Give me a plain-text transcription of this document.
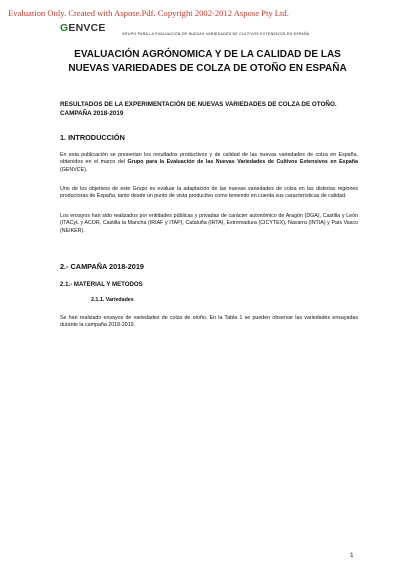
Evaluation Only. Created with Aspose.Pdf. Copyright 2002-2012 Aspose Pty Ltd.
GENVCE	GRUPO PARA LA EVALUACIÓN DE NUEVAS VARIEDADES DE CULTIVOS EXTENSIVOS EN ESPAÑA
EVALUACIÓN AGRÓNOMICA Y DE LA CALIDAD DE LAS NUEVAS VARIEDADES DE COLZA DE OTOÑO EN ESPAÑA
RESULTADOS DE LA EXPERIMENTACIÓN DE NUEVAS VARIEDADES DE COLZA DE OTOÑO. CAMPAÑA 2018-2019
1. INTRODUCCIÓN
En esta publicación se presentan los resultados productivos y de calidad de las nuevas variedades de colza en España, obtenidos en el marco del Grupo para la Evaluación de las Nuevas Variedades de Cultivos Extensivos en España (GENVCE).
Uno de los objetivos de este Grupo es evaluar la adaptación de las nuevas variedades de colza en las distintas regiones productoras de España, tanto desde un punto de vista productivo como teniendo en cuenta sus características de calidad.
Los ensayos han sido realizados por entidades públicas y privadas de carácter autonómico de Aragón (DGA), Castilla y León (ITACyL y ACOR, Castilla la Mancha (IRIAF y ITAP), Cataluña (IRTA), Extremadura (CICYTEX), Navarra (INTIA) y País Vasco (NEIKER).
2.- CAMPAÑA 2018-2019
2.1.- MATERIAL Y METODOS
2.1.1. Variedades
Se han realizado ensayos de variedades de colza de otoño. En la Tabla 1 se pueden observar las variedades ensayadas durante la campaña 2018-2019.
1
